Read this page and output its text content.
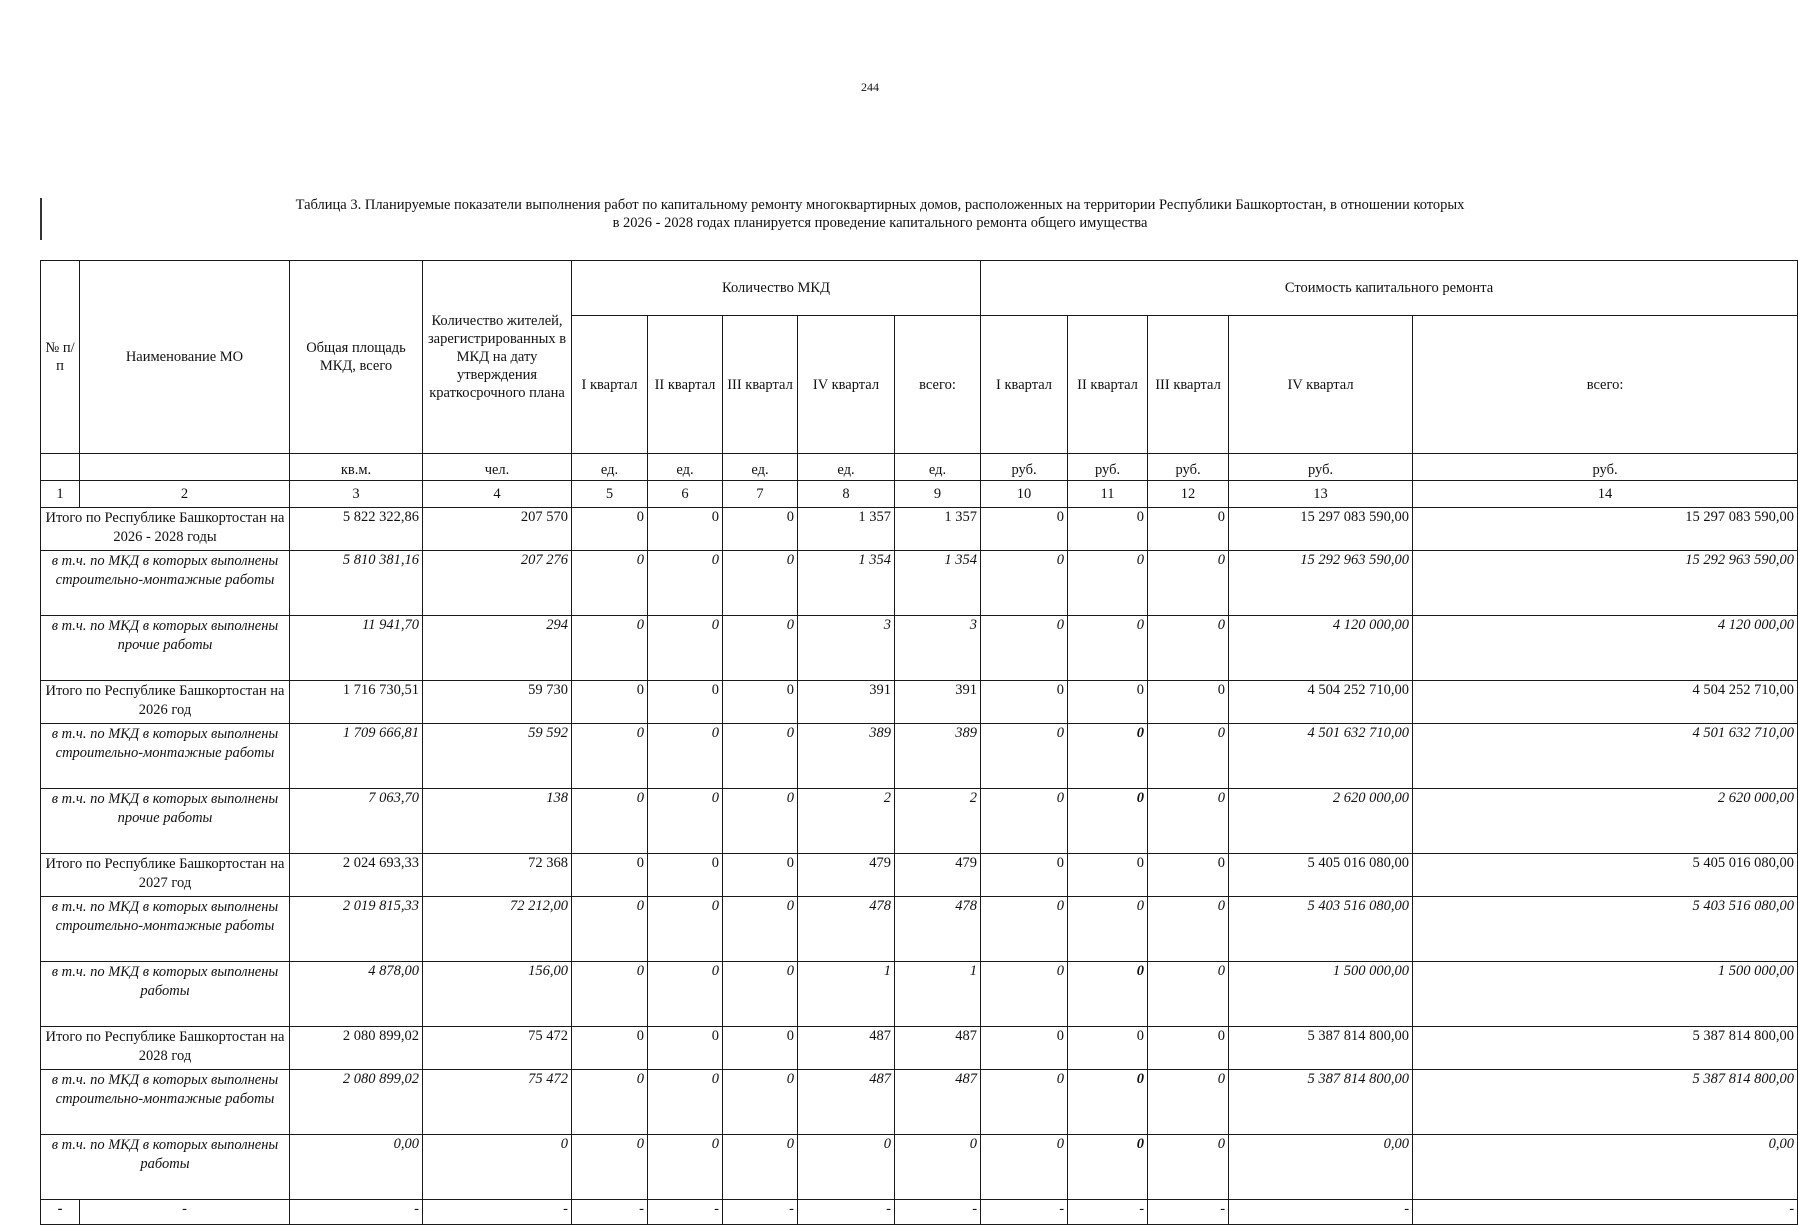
244
Таблица 3. Планируемые показатели выполнения работ по капитальному ремонту многоквартирных домов, расположенных на территории Республики Башкортостан, в отношении которых
в 2026 - 2028 годах планируется проведение капитального ремонта общего имущества
№ п/п	Наименование МО	Общая площадь МКД, всего	Количество жителей, зарегистрированных в МКД на дату утверждения краткосрочного плана	Количество МКД					Стоимость капитального ремонта				
				I квартал	II квартал	III квартал	IV квартал	всего:	I квартал	II квартал	III квартал	IV квартал	всего:
		кв.м.	чел.	ед.	ед.	ед.	ед.	ед.	руб.	руб.	руб.	руб.	руб.
1	2	3	4	5	6	7	8	9	10	11	12	13	14
Итого по Республике Башкортостан на 2026 - 2028 годы		5 822 322,86	207 570	0	0	0	1 357	1 357	0	0	0	15 297 083 590,00	15 297 083 590,00
в т.ч. по МКД в которых выполнены строительно-монтажные работы		5 810 381,16	207 276	0	0	0	1 354	1 354	0	0	0	15 292 963 590,00	15 292 963 590,00
в т.ч. по МКД в которых выполнены прочие работы		11 941,70	294	0	0	0	3	3	0	0	0	4 120 000,00	4 120 000,00
Итого по Республике Башкортостан на 2026 год		1 716 730,51	59 730	0	0	0	391	391	0	0	0	4 504 252 710,00	4 504 252 710,00
в т.ч. по МКД в которых выполнены строительно-монтажные работы		1 709 666,81	59 592	0	0	0	389	389	0	0	0	4 501 632 710,00	4 501 632 710,00
в т.ч. по МКД в которых выполнены прочие работы		7 063,70	138	0	0	0	2	2	0	0	0	2 620 000,00	2 620 000,00
Итого по Республике Башкортостан на 2027 год		2 024 693,33	72 368	0	0	0	479	479	0	0	0	5 405 016 080,00	5 405 016 080,00
в т.ч. по МКД в которых выполнены строительно-монтажные работы		2 019 815,33	72 212,00	0	0	0	478	478	0	0	0	5 403 516 080,00	5 403 516 080,00
в т.ч. по МКД в которых выполнены работы		4 878,00	156,00	0	0	0	1	1	0	0	0	1 500 000,00	1 500 000,00
Итого по Республике Башкортостан на 2028 год		2 080 899,02	75 472	0	0	0	487	487	0	0	0	5 387 814 800,00	5 387 814 800,00
в т.ч. по МКД в которых выполнены строительно-монтажные работы		2 080 899,02	75 472	0	0	0	487	487	0	0	0	5 387 814 800,00	5 387 814 800,00
в т.ч. по МКД в которых выполнены работы		0,00	0	0	0	0	0	0	0	0	0	0,00	0,00
-	-	-	-	-	-	-	-	-	-	-	-	-	-
